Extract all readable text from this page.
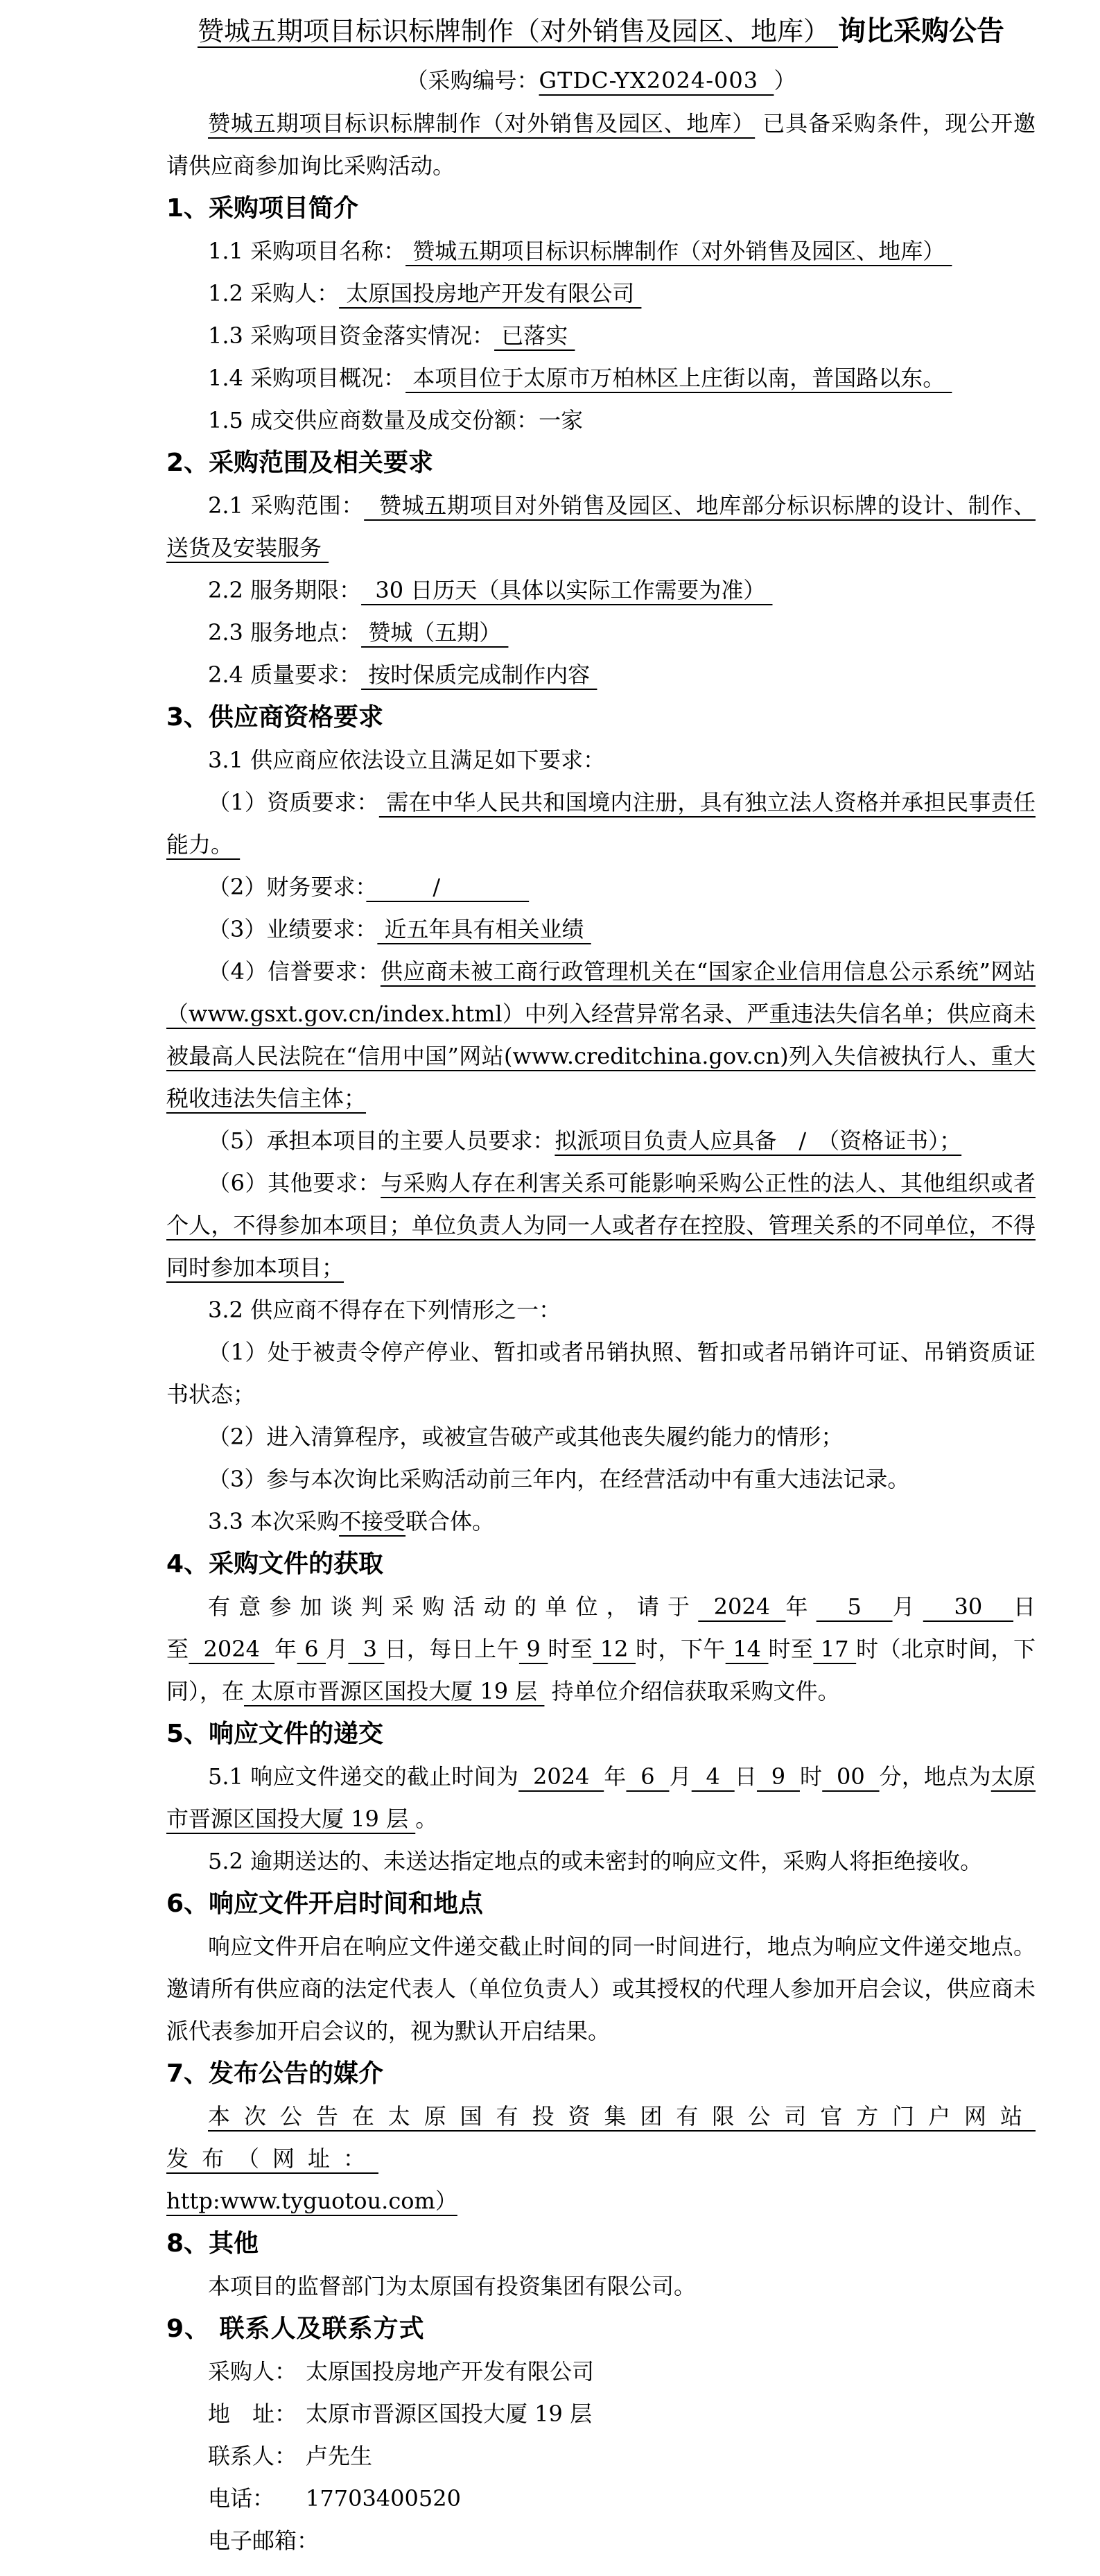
赞城五期项目标识标牌制作（对外销售及园区、地库） 询比采购公告

（采购编号：GTDC-YX2024-003  ）

赞城五期项目标识标牌制作（对外销售及园区、地库） 已具备采购条件，现公开邀请供应商参加询比采购活动。

1、采购项目简介

1.1 采购项目名称： 赞城五期项目标识标牌制作（对外销售及园区、地库）

1.2 采购人： 太原国投房地产开发有限公司

1.3 采购项目资金落实情况： 已落实

1.4 采购项目概况： 本项目位于太原市万柏林区上庄街以南，普国路以东。

1.5 成交供应商数量及成交份额：一家

2、采购范围及相关要求

2.1 采购范围：  赞城五期项目对外销售及园区、地库部分标识标牌的设计、制作、送货及安装服务

2.2 服务期限：  30 日历天（具体以实际工作需要为准）

2.3 服务地点： 赞城（五期）

2.4 质量要求： 按时保质完成制作内容

3、供应商资格要求

3.1 供应商应依法设立且满足如下要求：

（1）资质要求： 需在中华人民共和国境内注册，具有独立法人资格并承担民事责任能力。

（2）财务要求：　　　/　　　　

（3）业绩要求： 近五年具有相关业绩

（4）信誉要求：供应商未被工商行政管理机关在“国家企业信用信息公示系统”网站（www.gsxt.gov.cn/index.html）中列入经营异常名录、严重违法失信名单；供应商未被最高人民法院在“信用中国”网站(www.creditchina.gov.cn)列入失信被执行人、重大税收违法失信主体；

（5）承担本项目的主要人员要求：拟派项目负责人应具备　/　（资格证书）；

（6）其他要求：与采购人存在利害关系可能影响采购公正性的法人、其他组织或者个人，不得参加本项目；单位负责人为同一人或者存在控股、管理关系的不同单位，不得同时参加本项目；

3.2 供应商不得存在下列情形之一：

（1）处于被责令停产停业、暂扣或者吊销执照、暂扣或者吊销许可证、吊销资质证书状态；

（2）进入清算程序，或被宣告破产或其他丧失履约能力的情形；

（3）参与本次询比采购活动前三年内，在经营活动中有重大违法记录。

3.3 本次采购不接受联合体。

4、采购文件的获取

有意参加谈判采购活动的单位，请于 2024 年  5  月  30  日至  2024  年 6 月  3 日，每日上午 9 时至 12 时，下午 14 时至 17 时（北京时间，下同），在 太原市晋源区国投大厦 19 层  持单位介绍信获取采购文件。

5、响应文件的递交

5.1 响应文件递交的截止时间为  2024  年  6  月  4  日  9  时  00  分，地点为太原市晋源区国投大厦 19 层 。

5.2 逾期送达的、未送达指定地点的或未密封的响应文件，采购人将拒绝接收。

6、响应文件开启时间和地点

响应文件开启在响应文件递交截止时间的同一时间进行，地点为响应文件递交地点。邀请所有供应商的法定代表人（单位负责人）或其授权的代理人参加开启会议，供应商未派代表参加开启会议的，视为默认开启结果。

7、发布公告的媒介

本次公告在太原国有投资集团有限公司官方门户网站发布（网址：

http:www.tyguotou.com）

8、其他

本项目的监督部门为太原国有投资集团有限公司。

9、 联系人及联系方式

采购人： 太原国投房地产开发有限公司

地　址： 太原市晋源区国投大厦 19 层

联系人： 卢先生

电话： 17703400520

电子邮箱：
